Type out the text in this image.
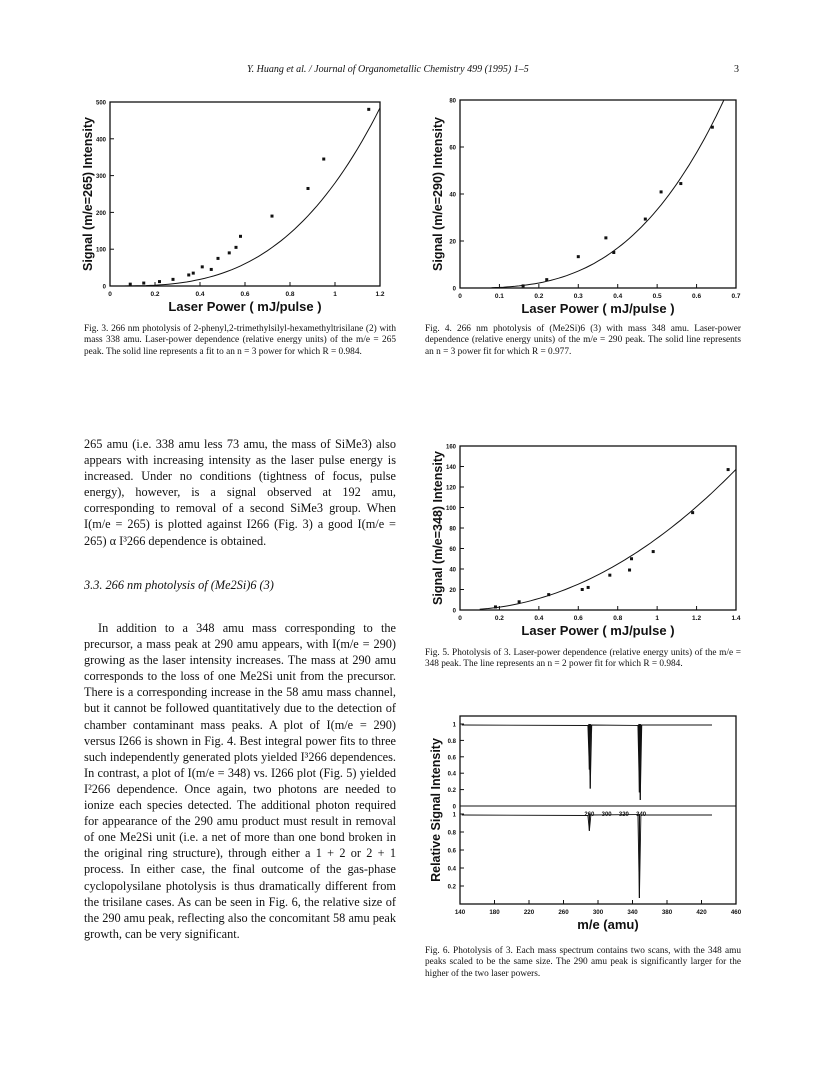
Y. Huang et al. / Journal of Organometallic Chemistry 499 (1995) 1–5	3
0	0.2	0.4	0.6	0.8	1	1.2
0
100
200
300
400
500
Laser Power ( mJ/pulse )
Signal (m/e=265) Intensity
Fig. 3. 266 nm photolysis of 2-phenyl,2-trimethylsilyl-hexamethyltrisilane (2) with mass 338 amu. Laser-power dependence (relative energy units) of the m/e = 265 peak. The solid line represents a fit to an n = 3 power for which R = 0.984.
0	0.1	0.2	0.3	0.4	0.5	0.6	0.7
0
20
40
60
80
Laser Power ( mJ/pulse )
Signal (m/e=290) Intensity
Fig. 4. 266 nm photolysis of (Me2Si)6 (3) with mass 348 amu. Laser-power dependence (relative energy units) of the m/e = 290 peak. The solid line represents an n = 3 power fit for which R = 0.977.
0	0.2	0.4	0.6	0.8	1	1.2	1.4
0
20
40
60
80
100
120
140
160
Laser Power ( mJ/pulse )
Signal (m/e=348) Intensity
Fig. 5. Photolysis of 3. Laser-power dependence (relative energy units) of the m/e = 348 peak. The line represents an n = 2 power fit for which R = 0.984.
0
0.2
0.4
0.6
0.8
1
0.2
0.4
0.6
0.8
1	260 300 320 340
140	180	220	260	300	340	380	420	460
m/e (amu)
Relative Signal Intensity
Fig. 6. Photolysis of 3. Each mass spectrum contains two scans, with the 348 amu peaks scaled to be the same size. The 290 amu peak is significantly larger for the higher of the two laser powers.
265 amu (i.e. 338 amu less 73 amu, the mass of SiMe3) also appears with increasing intensity as the laser pulse energy is increased. Under no conditions (tightness of focus, pulse energy), however, is a signal observed at 192 amu, corresponding to removal of a second SiMe3 group. When I(m/e = 265) is plotted against I266 (Fig. 3) a good I(m/e = 265) α I³266 dependence is obtained.
3.3. 266 nm photolysis of (Me2Si)6 (3)
In addition to a 348 amu mass corresponding to the precursor, a mass peak at 290 amu appears, with I(m/e = 290) growing as the laser intensity increases. The mass at 290 amu corresponds to the loss of one Me2Si unit from the precursor. There is a corresponding increase in the 58 amu mass channel, but it cannot be followed quantitatively due to the detection of chamber contaminant mass peaks. A plot of I(m/e = 290) versus I266 is shown in Fig. 4. Best integral power fits to three such independently generated plots yielded I³266 dependences. In contrast, a plot of I(m/e = 348) vs. I266 plot (Fig. 5) yielded I²266 dependence. Once again, two photons are needed to ionize each species detected. The additional photon required for appearance of the 290 amu product must result in removal of one Me2Si unit (i.e. a net of more than one bond broken in the original ring structure), through either a 1 + 2 or 2 + 1 process. In either case, the final outcome of the gas-phase cyclopolysilane photolysis is thus dramatically different from the trisilane cases. As can be seen in Fig. 6, the relative size of the 290 amu peak, reflecting also the concomitant 58 amu peak growth, can be very significant.
